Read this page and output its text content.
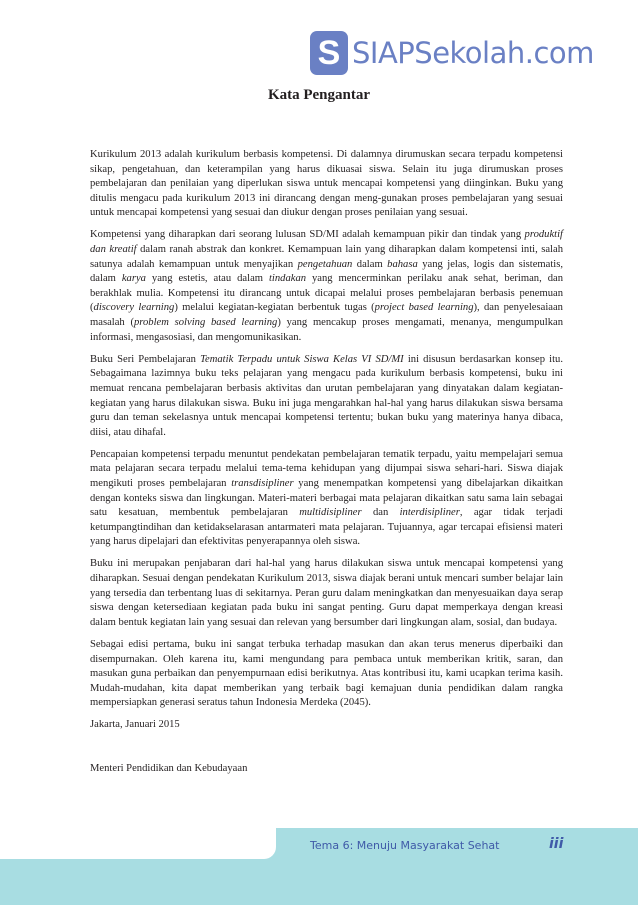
S SIAPSekolah.com
Kata Pengantar

Kurikulum 2013 adalah kurikulum berbasis kompetensi. Di dalamnya dirumuskan secara terpadu kompetensi sikap, pengetahuan, dan keterampilan yang harus dikuasai siswa. Selain itu juga dirumuskan proses pembelajaran dan penilaian yang diperlukan siswa untuk mencapai kompetensi yang diinginkan. Buku yang ditulis mengacu pada kurikulum 2013 ini dirancang dengan meng-gunakan proses pembelajaran yang sesuai untuk mencapai kompetensi yang sesuai dan diukur dengan proses penilaian yang sesuai.

Kompetensi yang diharapkan dari seorang lulusan SD/MI adalah kemampuan pikir dan tindak yang produktif dan kreatif dalam ranah abstrak dan konkret. Kemampuan lain yang diharapkan dalam kompetensi inti, salah satunya adalah kemampuan untuk menyajikan pengetahuan dalam bahasa yang jelas, logis dan sistematis, dalam karya yang estetis, atau dalam tindakan yang mencerminkan perilaku anak sehat, beriman, dan berakhlak mulia. Kompetensi itu dirancang untuk dicapai melalui proses pembelajaran berbasis penemuan (discovery learning) melalui kegiatan-kegiatan berbentuk tugas (project based learning), dan penyelesaiaan masalah (problem solving based learning) yang mencakup proses mengamati, menanya, mengumpulkan informasi, mengasosiasi, dan mengomunikasikan.

Buku Seri Pembelajaran Tematik Terpadu untuk Siswa Kelas VI SD/MI ini disusun berdasarkan konsep itu. Sebagaimana lazimnya buku teks pelajaran yang mengacu pada kurikulum berbasis kompetensi, buku ini memuat rencana pembelajaran berbasis aktivitas dan urutan pembelajaran yang dinyatakan dalam kegiatan-kegiatan yang harus dilakukan siswa. Buku ini juga mengarahkan hal-hal yang harus dilakukan siswa bersama guru dan teman sekelasnya untuk mencapai kompetensi tertentu; bukan buku yang materinya hanya dibaca, diisi, atau dihafal.

Pencapaian kompetensi terpadu menuntut pendekatan pembelajaran tematik terpadu, yaitu mempelajari semua mata pelajaran secara terpadu melalui tema-tema kehidupan yang dijumpai siswa sehari-hari. Siswa diajak mengikuti proses pembelajaran transdisipliner yang menempatkan kompetensi yang dibelajarkan dikaitkan dengan konteks siswa dan lingkungan. Materi-materi berbagai mata pelajaran dikaitkan satu sama lain sebagai satu kesatuan, membentuk pembelajaran multidisipliner dan interdisipliner, agar tidak terjadi ketumpangtindihan dan ketidakselarasan antarmateri mata pelajaran. Tujuannya, agar tercapai efisiensi materi yang harus dipelajari dan efektivitas penyerapannya oleh siswa.

Buku ini merupakan penjabaran dari hal-hal yang harus dilakukan siswa untuk mencapai kompetensi yang diharapkan. Sesuai dengan pendekatan Kurikulum 2013, siswa diajak berani untuk mencari sumber belajar lain yang tersedia dan terbentang luas di sekitarnya. Peran guru dalam meningkatkan dan menyesuaikan daya serap siswa dengan ketersediaan kegiatan pada buku ini sangat penting. Guru dapat memperkaya dengan kreasi dalam bentuk kegiatan lain yang sesuai dan relevan yang bersumber dari lingkungan alam, sosial, dan budaya.

Sebagai edisi pertama, buku ini sangat terbuka terhadap masukan dan akan terus menerus diperbaiki dan disempurnakan. Oleh karena itu, kami mengundang para pembaca untuk memberikan kritik, saran, dan masukan guna perbaikan dan penyempurnaan edisi berikutnya. Atas kontribusi itu, kami ucapkan terima kasih. Mudah-mudahan, kita dapat memberikan yang terbaik bagi kemajuan dunia pendidikan dalam rangka mempersiapkan generasi seratus tahun Indonesia Merdeka (2045).

Jakarta, Januari 2015

Menteri Pendidikan dan Kebudayaan

Tema 6: Menuju Masyarakat Sehat	iii
